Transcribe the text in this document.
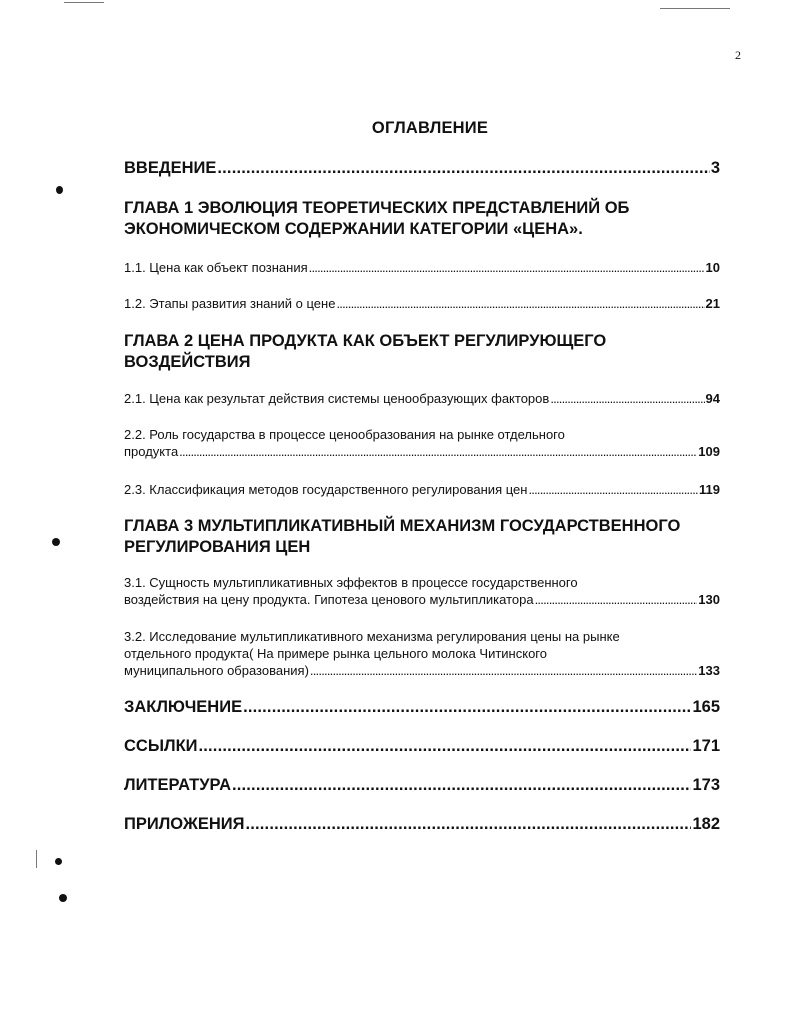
2
ОГЛАВЛЕНИЕ
ВВЕДЕНИЕ . . .	3
ГЛАВА 1 ЭВОЛЮЦИЯ ТЕОРЕТИЧЕСКИХ ПРЕДСТАВЛЕНИЙ ОБ ЭКОНОМИЧЕСКОМ СОДЕРЖАНИИ КАТЕГОРИИ «ЦЕНА».
1.1. Цена как объект познания . . .	10
1.2. Этапы развития знаний о цене . . .	21
ГЛАВА 2 ЦЕНА ПРОДУКТА КАК ОБЪЕКТ РЕГУЛИРУЮЩЕГО ВОЗДЕЙСТВИЯ
2.1. Цена как результат действия системы ценообразующих факторов . . .	94
2.2. Роль государства в процессе ценообразования на рынке отдельного
продукта . . .	109
2.3. Классификация методов государственного регулирования цен . . .	119
ГЛАВА 3 МУЛЬТИПЛИКАТИВНЫЙ МЕХАНИЗМ ГОСУДАРСТВЕННОГО РЕГУЛИРОВАНИЯ ЦЕН
3.1. Сущность мультипликативных эффектов в процессе государственного
воздействия на цену продукта. Гипотеза ценового мультипликатора . . .	130
3.2. Исследование мультипликативного механизма регулирования цены на рынке
отдельного продукта( На примере рынка цельного молока Читинского
муниципального образования) . . .	133
ЗАКЛЮЧЕНИЕ . . .	165
ССЫЛКИ . . .	171
ЛИТЕРАТУРА . . .	173
ПРИЛОЖЕНИЯ . . .	182
